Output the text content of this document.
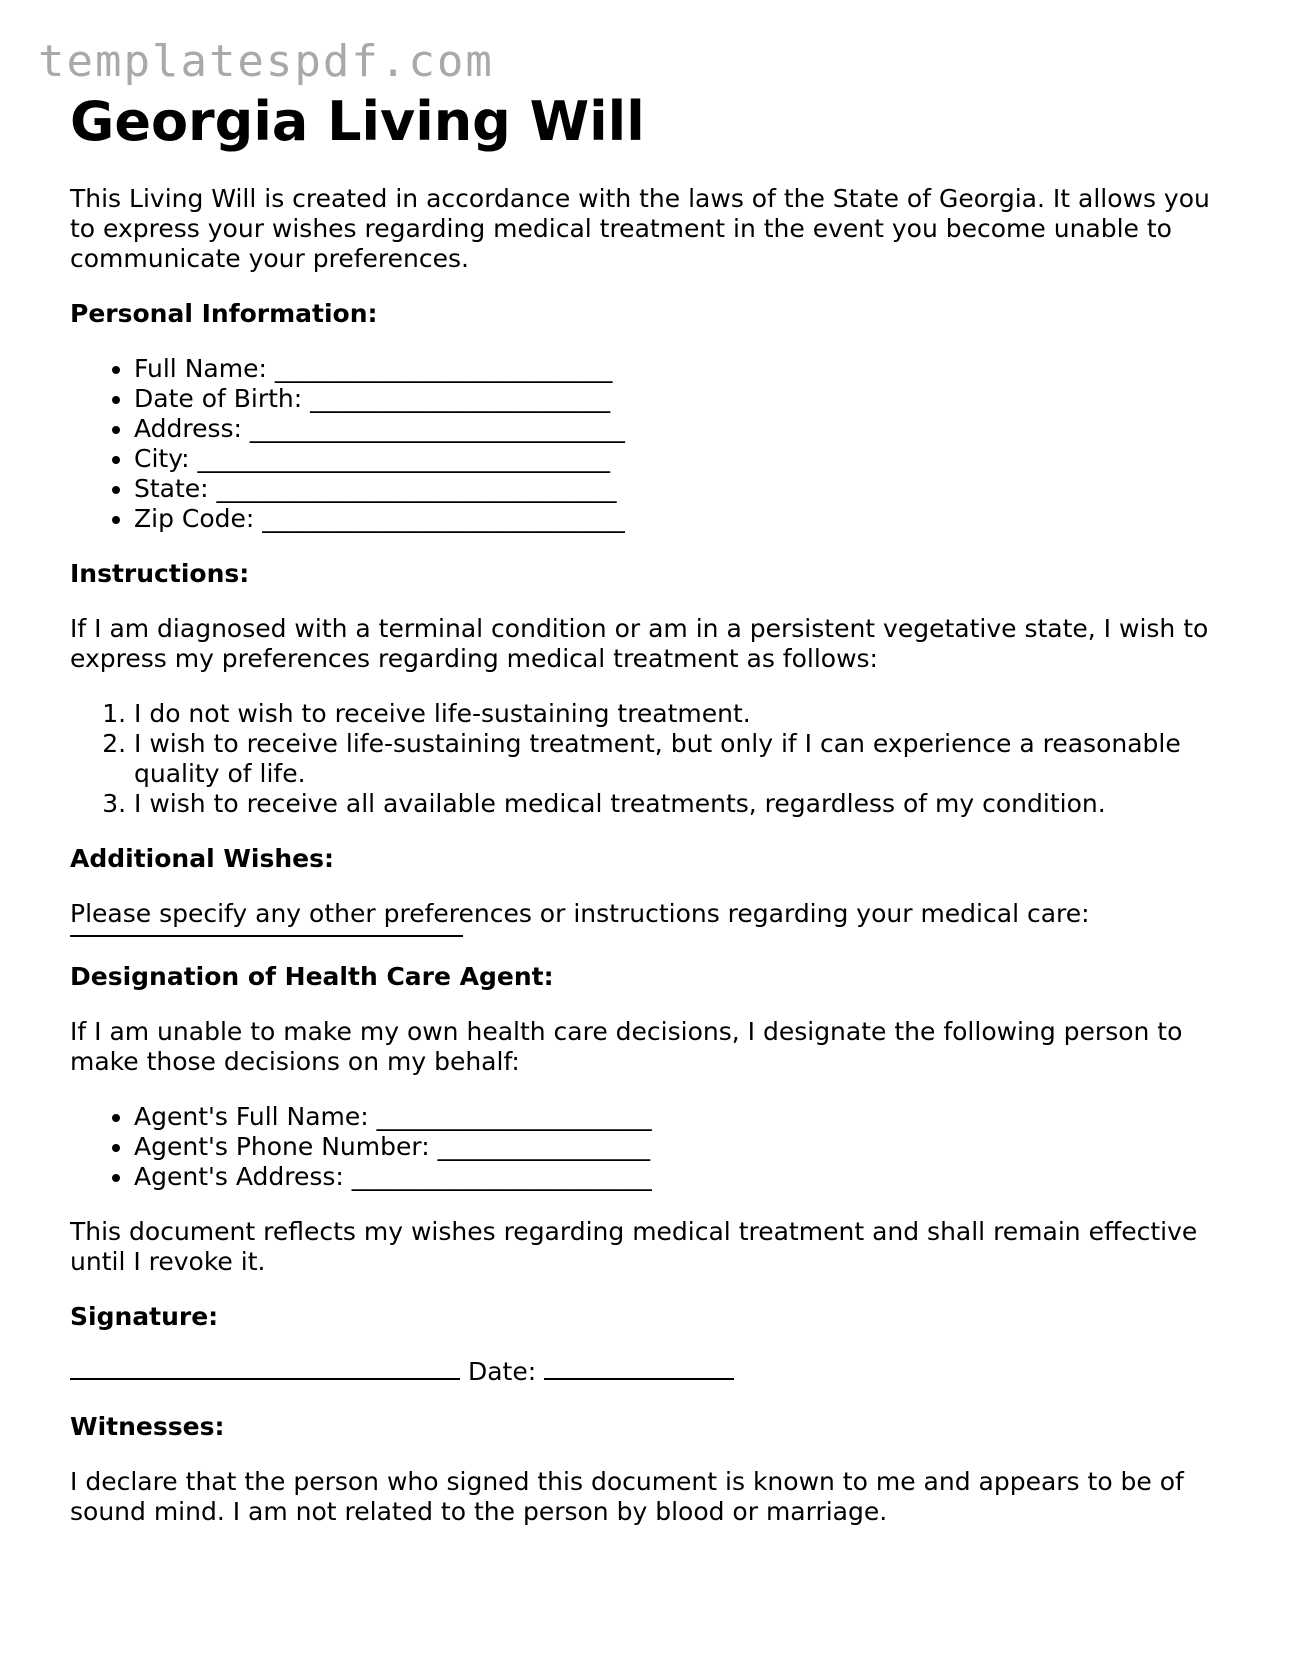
templatespdf.com
Georgia Living Will

This Living Will is created in accordance with the laws of the State of Georgia. It allows you to express your wishes regarding medical treatment in the event you become unable to communicate your preferences.

Personal Information:
• Full Name: ___________________________
• Date of Birth: ________________________
• Address: ______________________________
• City: _________________________________
• State: ________________________________
• Zip Code: _____________________________
Instructions:

If I am diagnosed with a terminal condition or am in a persistent vegetative state, I wish to express my preferences regarding medical treatment as follows:

1. I do not wish to receive life-sustaining treatment.
2. I wish to receive life-sustaining treatment, but only if I can experience a reasonable quality of life.
3. I wish to receive all available medical treatments, regardless of my condition.
Additional Wishes:

Please specify any other preferences or instructions regarding your medical care:

Designation of Health Care Agent:

If I am unable to make my own health care decisions, I designate the following person to make those decisions on my behalf:

• Agent's Full Name: ______________________
• Agent's Phone Number: _________________
• Agent's Address: ________________________

This document reflects my wishes regarding medical treatment and shall remain effective until I revoke it.

Signature:

Date:

Witnesses:

I declare that the person who signed this document is known to me and appears to be of sound mind. I am not related to the person by blood or marriage.
